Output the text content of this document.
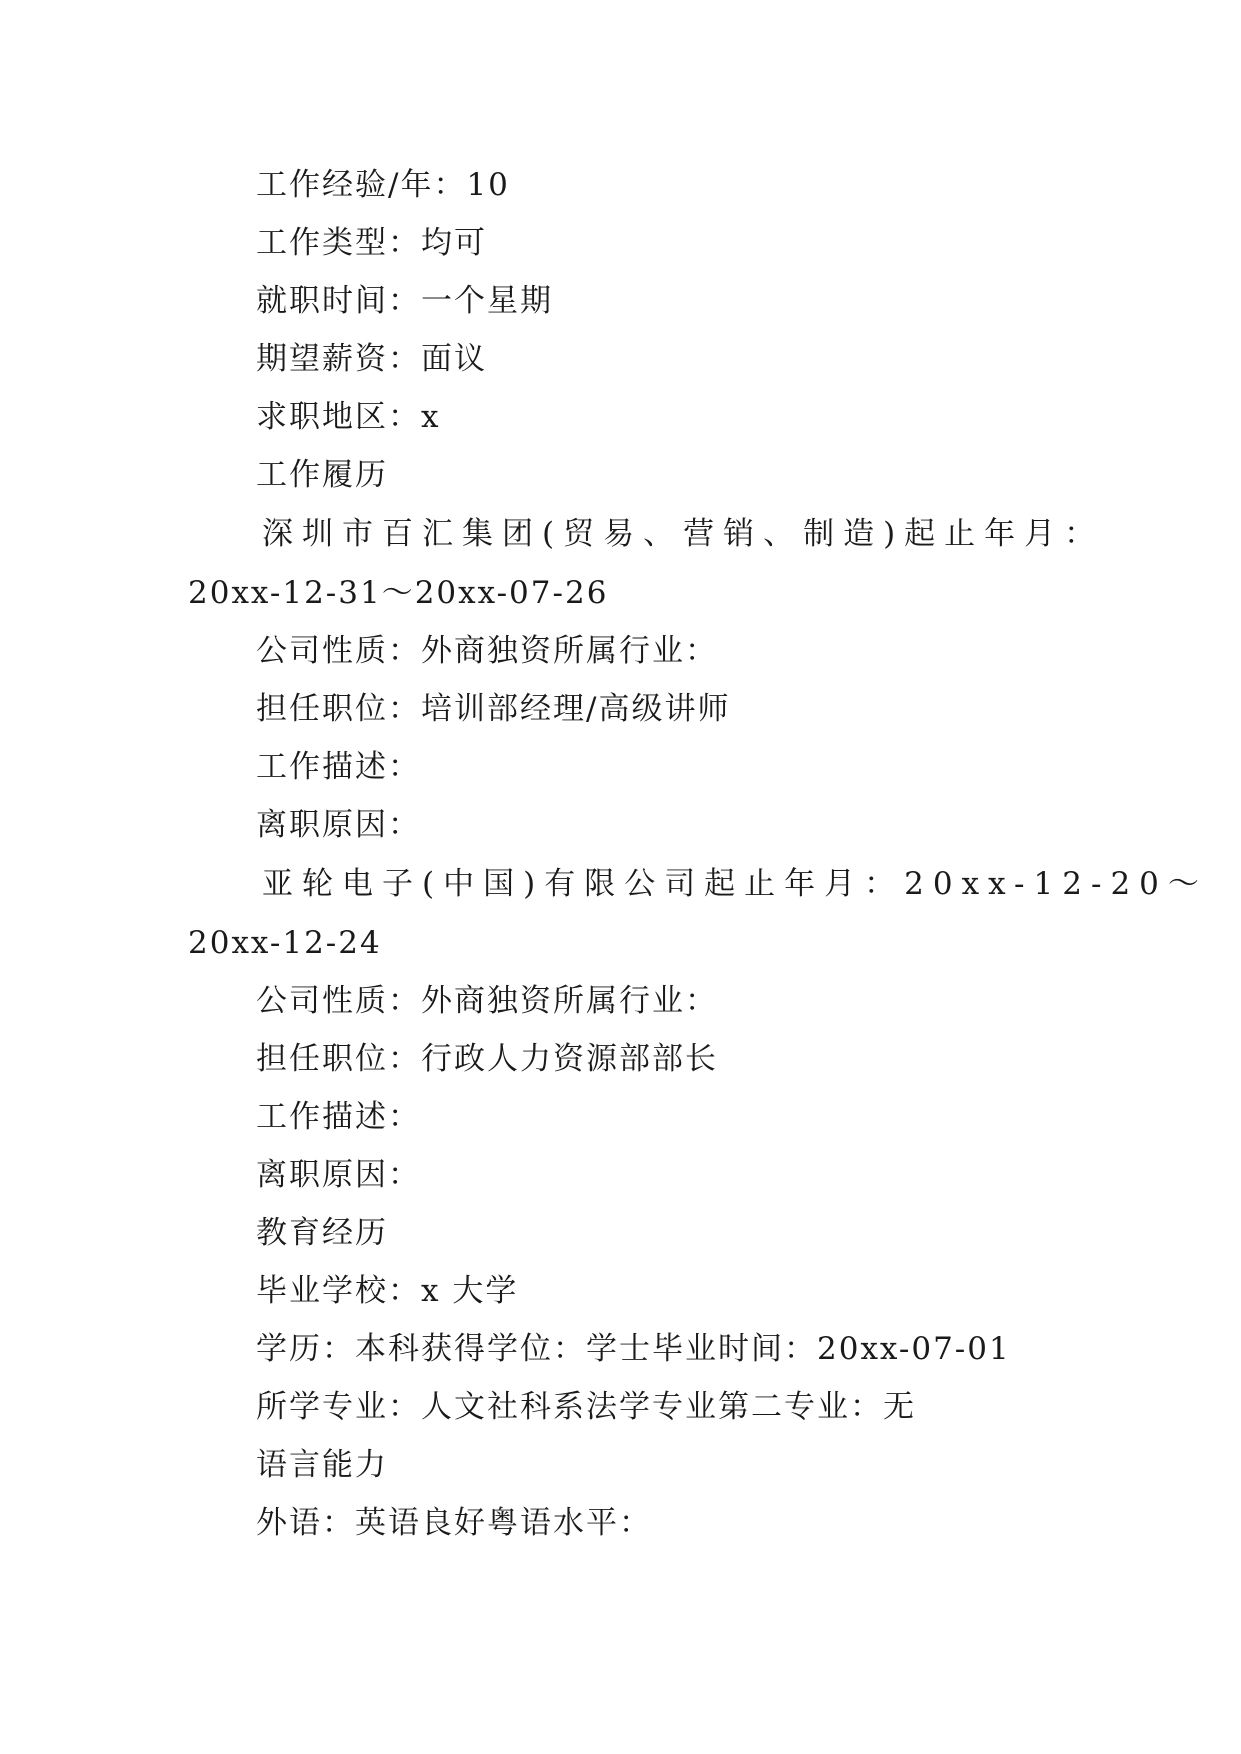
工作经验/年：10
工作类型：均可
就职时间：一个星期
期望薪资：面议
求职地区：x
工作履历
深圳市百汇集团(贸易、营销、制造)起止年月：
20xx-12-31～20xx-07-26
公司性质：外商独资所属行业：
担任职位：培训部经理/高级讲师
工作描述：
离职原因：
亚轮电子(中国)有限公司起止年月：20xx-12-20～
20xx-12-24
公司性质：外商独资所属行业：
担任职位：行政人力资源部部长
工作描述：
离职原因：
教育经历
毕业学校：x 大学
学历：本科获得学位：学士毕业时间：20xx-07-01
所学专业：人文社科系法学专业第二专业：无
语言能力
外语：英语良好粤语水平：
